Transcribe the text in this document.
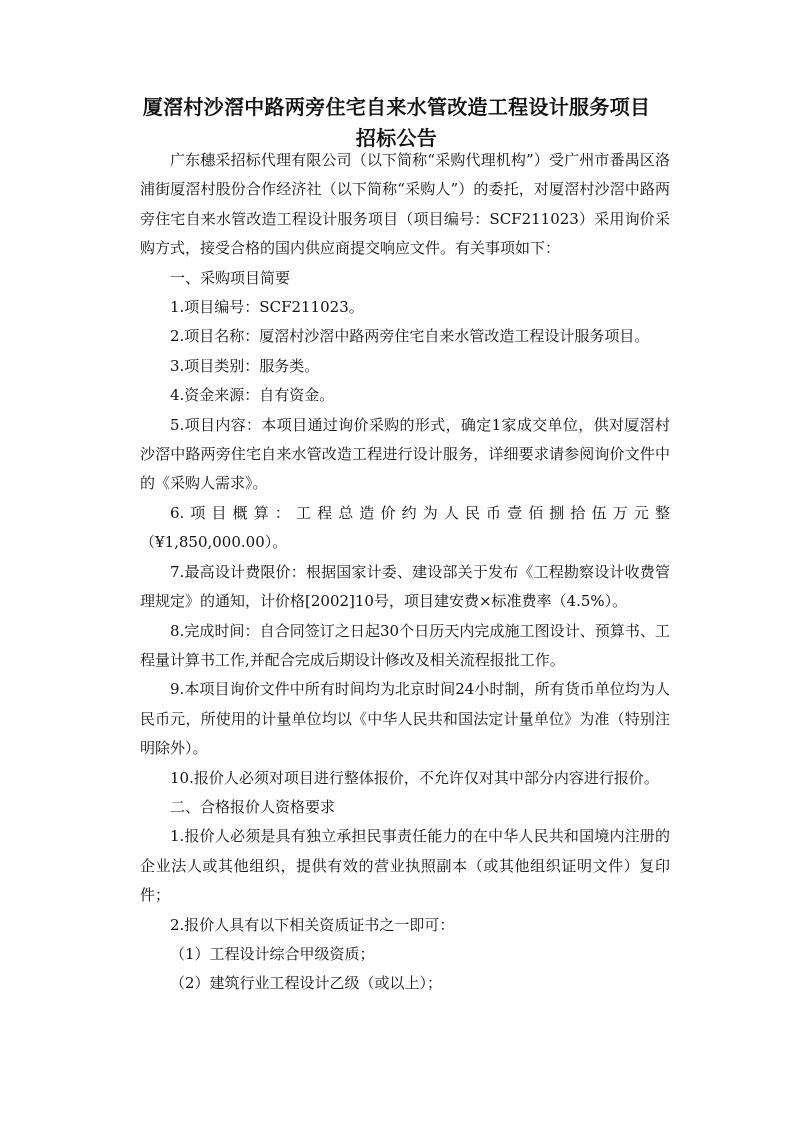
厦滘村沙滘中路两旁住宅自来水管改造工程设计服务项目
招标公告

广东穗采招标代理有限公司（以下简称“采购代理机构”）受广州市番禺区洛浦街厦滘村股份合作经济社（以下简称“采购人”）的委托，对厦滘村沙滘中路两旁住宅自来水管改造工程设计服务项目（项目编号：SCF211023）采用询价采购方式，接受合格的国内供应商提交响应文件。有关事项如下：

一、采购项目简要

1.项目编号：SCF211023。

2.项目名称：厦滘村沙滘中路两旁住宅自来水管改造工程设计服务项目。

3.项目类别：服务类。

4.资金来源：自有资金。

5.项目内容：本项目通过询价采购的形式，确定1家成交单位，供对厦滘村沙滘中路两旁住宅自来水管改造工程进行设计服务，详细要求请参阅询价文件中的《采购人需求》。

6.项目概算：工程总造价约为人民币壹佰捌拾伍万元整（¥1,850,000.00）。

7.最高设计费限价：根据国家计委、建设部关于发布《工程勘察设计收费管理规定》的通知，计价格[2002]10号，项目建安费×标准费率（4.5%）。

8.完成时间：自合同签订之日起30个日历天内完成施工图设计、预算书、工程量计算书工作,并配合完成后期设计修改及相关流程报批工作。

9.本项目询价文件中所有时间均为北京时间24小时制，所有货币单位均为人民币元，所使用的计量单位均以《中华人民共和国法定计量单位》为准（特别注明除外）。

10.报价人必须对项目进行整体报价，不允许仅对其中部分内容进行报价。

二、合格报价人资格要求

1.报价人必须是具有独立承担民事责任能力的在中华人民共和国境内注册的企业法人或其他组织，提供有效的营业执照副本（或其他组织证明文件）复印件；

2.报价人具有以下相关资质证书之一即可：

（1）工程设计综合甲级资质；

（2）建筑行业工程设计乙级（或以上）；
